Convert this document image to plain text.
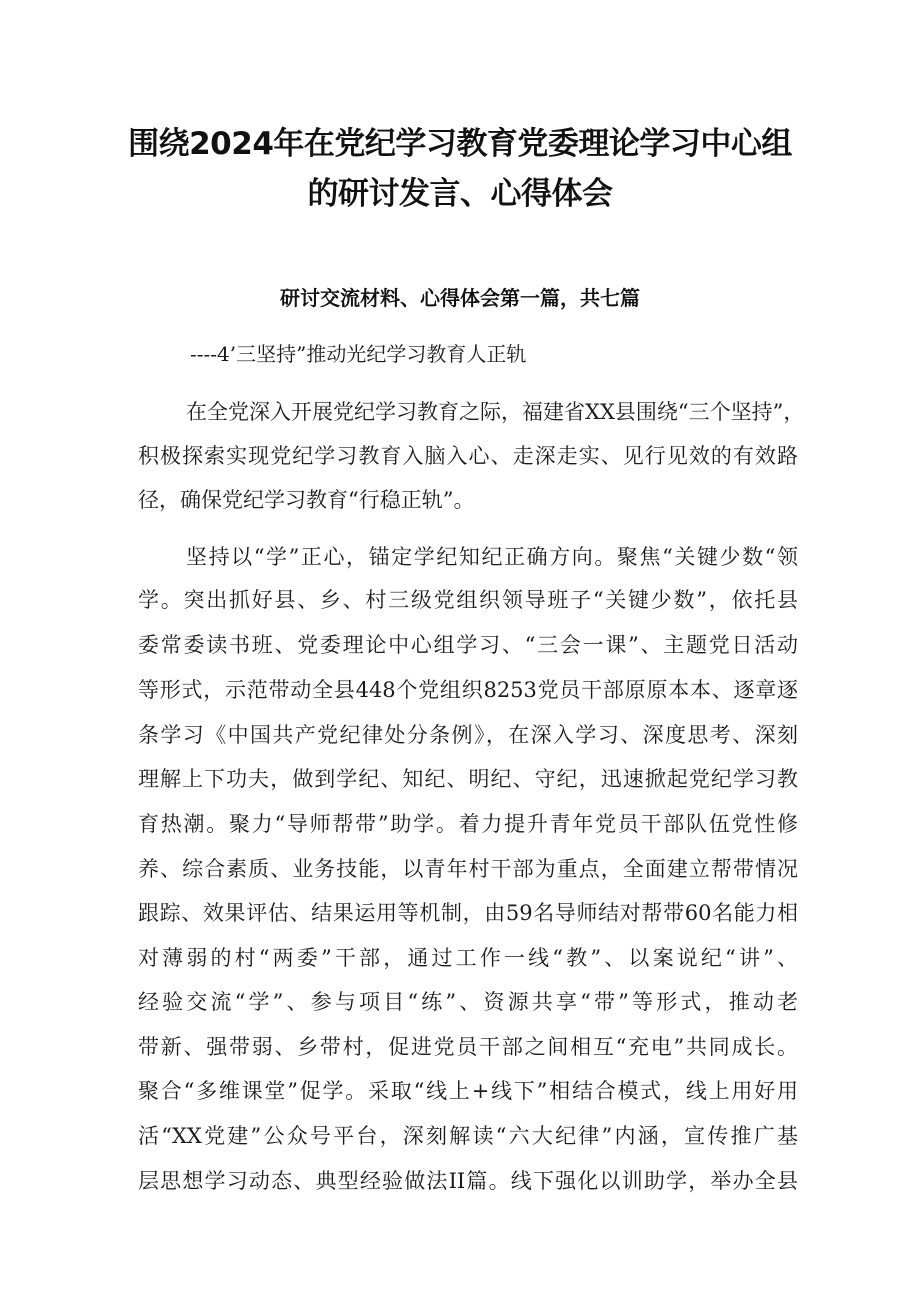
围绕2024年在党纪学习教育党委理论学习中心组
的研讨发言、心得体会
研讨交流材料、心得体会第一篇，共七篇
----4’三坚持”推动光纪学习教育人正轨
在全党深入开展党纪学习教育之际，福建省XX县围绕“三个坚持”，
积极探索实现党纪学习教育入脑入心、走深走实、见行见效的有效路
径，确保党纪学习教育“行稳正轨”。
坚持以“学”正心，锚定学纪知纪正确方向。聚焦“关键少数“领
学。突出抓好县、乡、村三级党组织领导班子“关键少数”，依托县
委常委读书班、党委理论中心组学习、“三会一课”、主题党日活动
等形式，示范带动全县448个党组织8253党员干部原原本本、逐章逐
条学习《中国共产党纪律处分条例》，在深入学习、深度思考、深刻
理解上下功夫，做到学纪、知纪、明纪、守纪，迅速掀起党纪学习教
育热潮。聚力“导师帮带”助学。着力提升青年党员干部队伍党性修
养、综合素质、业务技能，以青年村干部为重点，全面建立帮带情况
跟踪、效果评估、结果运用等机制，由59名导师结对帮带60名能力相
对薄弱的村“两委”干部，通过工作一线“教”、以案说纪“讲”、
经验交流“学”、参与项目“练”、资源共享“带”等形式，推动老
带新、强带弱、乡带村，促进党员干部之间相互“充电”共同成长。
聚合“多维课堂”促学。采取“线上+线下”相结合模式，线上用好用
活“XX党建”公众号平台，深刻解读“六大纪律”内涵，宣传推广基
层思想学习动态、典型经验做法II篇。线下强化以训助学，举办全县
